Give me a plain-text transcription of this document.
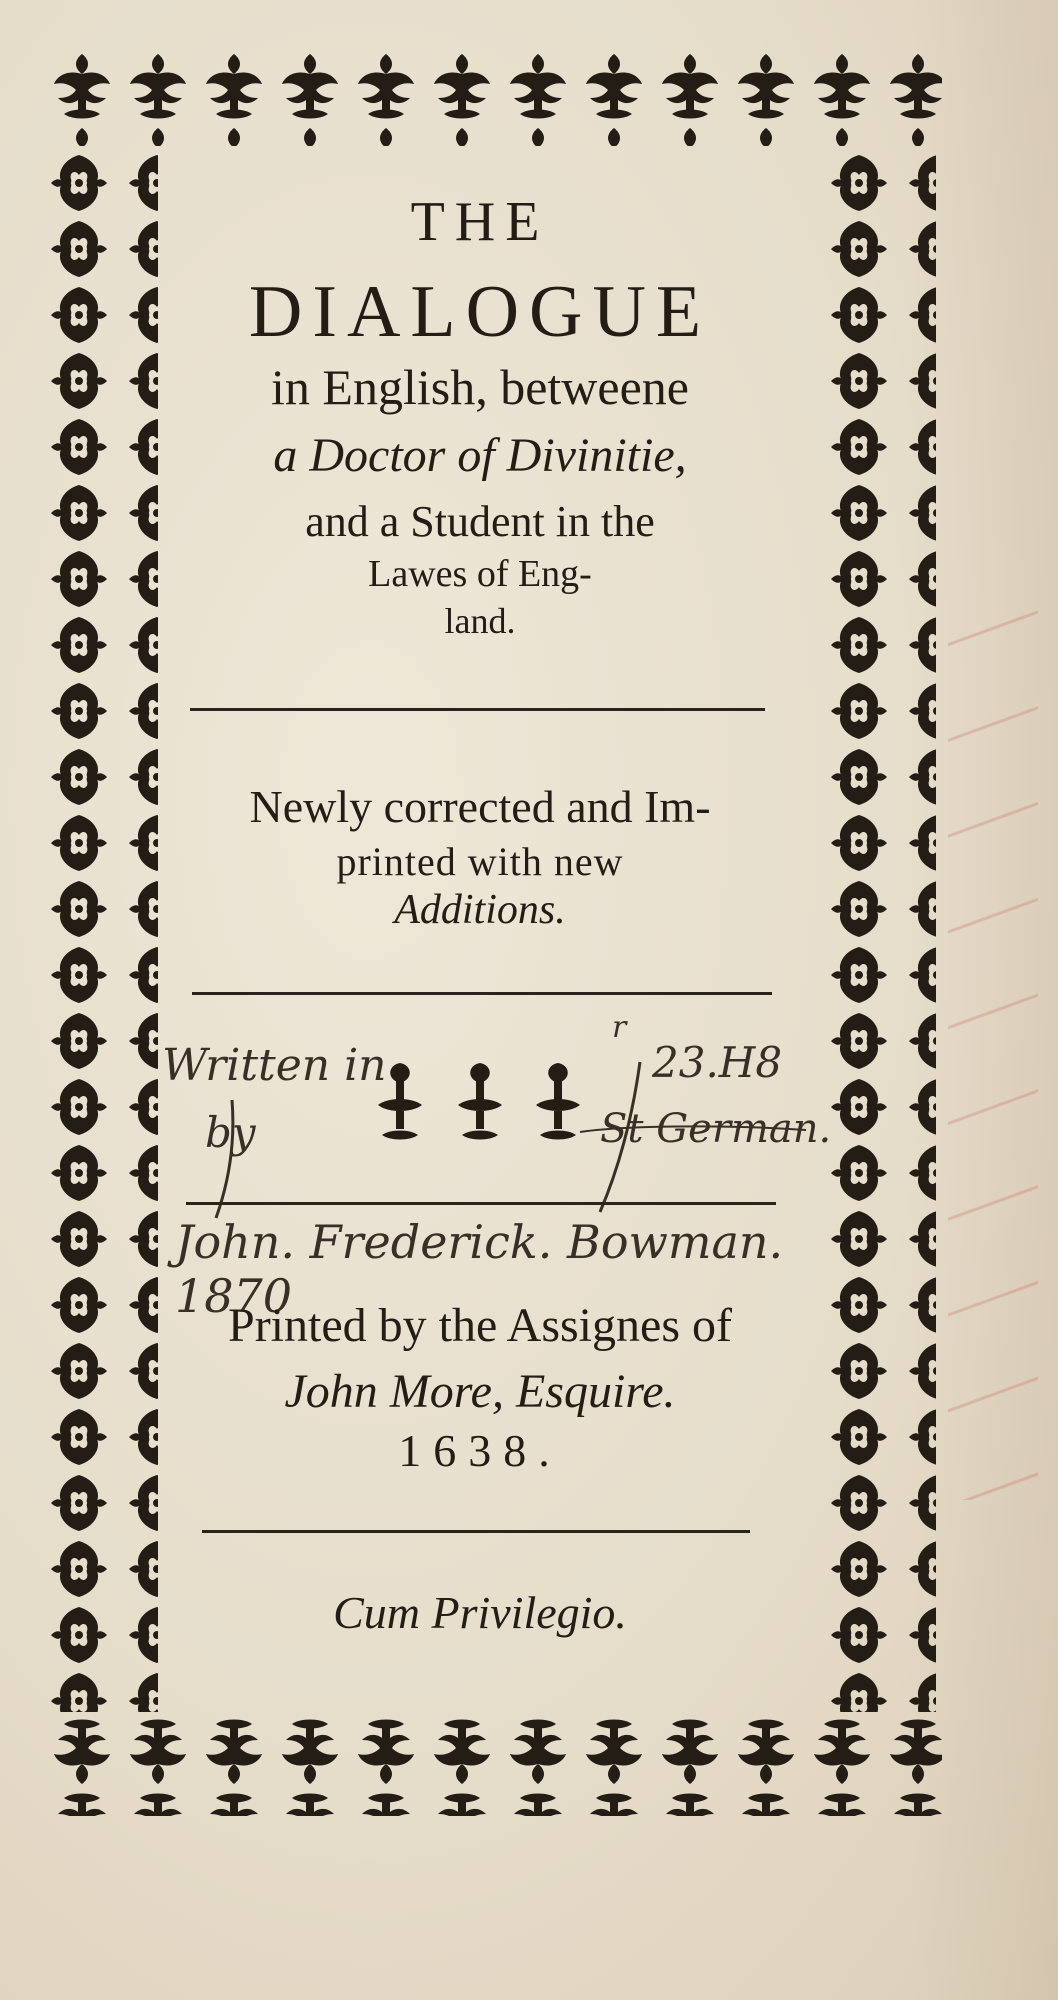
THE
DIALOGUE
in English, betweene
a Doctor of Divinitie,
and a Student in the
Lawes of Eng-
land.
Newly corrected and Im-
printed with new
Additions.
Written in
by
r
23.H8
St German.
John. Frederick. Bowman. 1870
Printed by the Assignes of
John More, Esquire.
1638.
Cum Privilegio.
